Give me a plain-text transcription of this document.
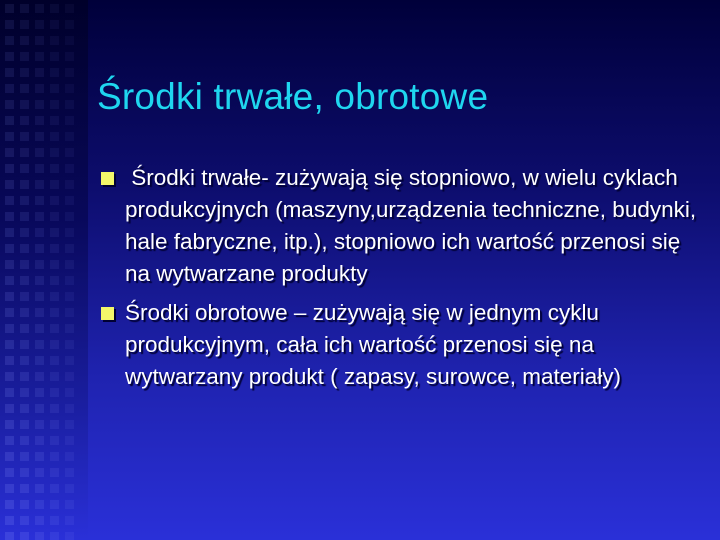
Środki trwałe, obrotowe
Środki trwałe- zużywają się stopniowo, w wielu cyklach produkcyjnych (maszyny,urządzenia techniczne, budynki, hale fabryczne, itp.), stopniowo ich wartość przenosi się na wytwarzane produkty
Środki obrotowe – zużywają się w jednym cyklu produkcyjnym, cała ich wartość przenosi się na wytwarzany produkt ( zapasy, surowce, materiały)
